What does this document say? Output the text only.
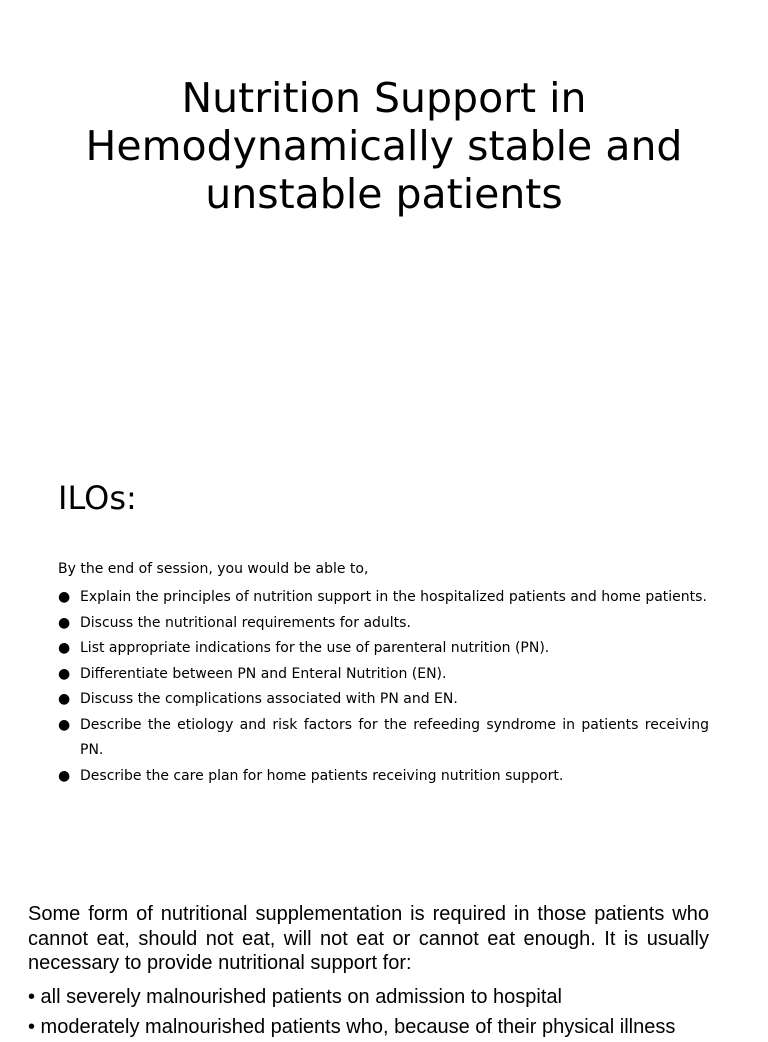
Nutrition Support in Hemodynamically stable and unstable patients
ILOs:
By the end of session, you would be able to,
● Explain the principles of nutrition support in the hospitalized patients and home patients.
● Discuss the nutritional requirements for adults.
● List appropriate indications for the use of parenteral nutrition (PN).
● Differentiate between PN and Enteral Nutrition (EN).
● Discuss the complications associated with PN and EN.
● Describe the etiology and risk factors for the refeeding syndrome in patients receiving PN.
● Describe the care plan for home patients receiving nutrition support.

Some form of nutritional supplementation is required in those patients who cannot eat, should not eat, will not eat or cannot eat enough. It is usually necessary to provide nutritional support for:

• all severely malnourished patients on admission to hospital
• moderately malnourished patients who, because of their physical illness
